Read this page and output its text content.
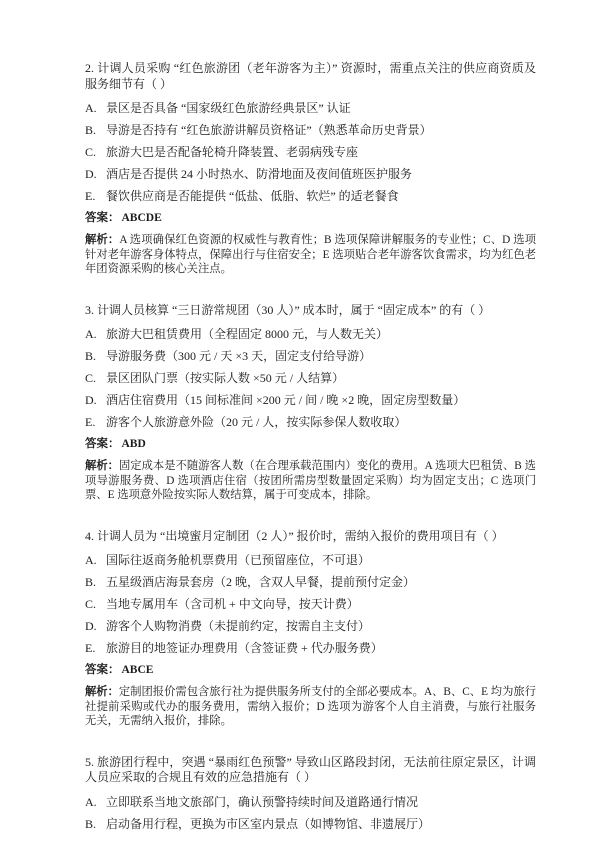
2. 计调人员采购 “红色旅游团（老年游客为主）” 资源时，需重点关注的供应商资质及服务细节有（ ）

A. 景区是否具备 “国家级红色旅游经典景区” 认证

B. 导游是否持有 “红色旅游讲解员资格证”（熟悉革命历史背景）

C. 旅游大巴是否配备轮椅升降装置、老弱病残专座

D. 酒店是否提供 24 小时热水、防滑地面及夜间值班医护服务

E. 餐饮供应商是否能提供 “低盐、低脂、软烂” 的适老餐食

答案： ABCDE

解析：A 选项确保红色资源的权威性与教育性；B 选项保障讲解服务的专业性；C、D 选项针对老年游客身体特点，保障出行与住宿安全；E 选项贴合老年游客饮食需求，均为红色老年团资源采购的核心关注点。

3. 计调人员核算 “三日游常规团（30 人）” 成本时，属于 “固定成本” 的有（ ）

A. 旅游大巴租赁费用（全程固定 8000 元，与人数无关）

B. 导游服务费（300 元 / 天 ×3 天，固定支付给导游）

C. 景区团队门票（按实际人数 ×50 元 / 人结算）

D. 酒店住宿费用（15 间标准间 ×200 元 / 间 / 晚 ×2 晚，固定房型数量）

E. 游客个人旅游意外险（20 元 / 人，按实际参保人数收取）

答案： ABD

解析：固定成本是不随游客人数（在合理承载范围内）变化的费用。A 选项大巴租赁、B 选项导游服务费、D 选项酒店住宿（按团所需房型数量固定采购）均为固定支出；C 选项门票、E 选项意外险按实际人数结算，属于可变成本，排除。

4. 计调人员为 “出境蜜月定制团（2 人）” 报价时，需纳入报价的费用项目有（ ）

A. 国际往返商务舱机票费用（已预留座位，不可退）

B. 五星级酒店海景套房（2 晚，含双人早餐，提前预付定金）

C. 当地专属用车（含司机 + 中文向导，按天计费）

D. 游客个人购物消费（未提前约定，按需自主支付）

E. 旅游目的地签证办理费用（含签证费 + 代办服务费）

答案： ABCE

解析：定制团报价需包含旅行社为提供服务所支付的全部必要成本。A、B、C、E 均为旅行社提前采购或代办的服务费用，需纳入报价；D 选项为游客个人自主消费，与旅行社服务无关，无需纳入报价，排除。

5. 旅游团行程中，突遇 “暴雨红色预警” 导致山区路段封闭，无法前往原定景区，计调人员应采取的合规且有效的应急措施有（ ）

A. 立即联系当地文旅部门，确认预警持续时间及道路通行情况

B. 启动备用行程，更换为市区室内景点（如博物馆、非遗展厅）
